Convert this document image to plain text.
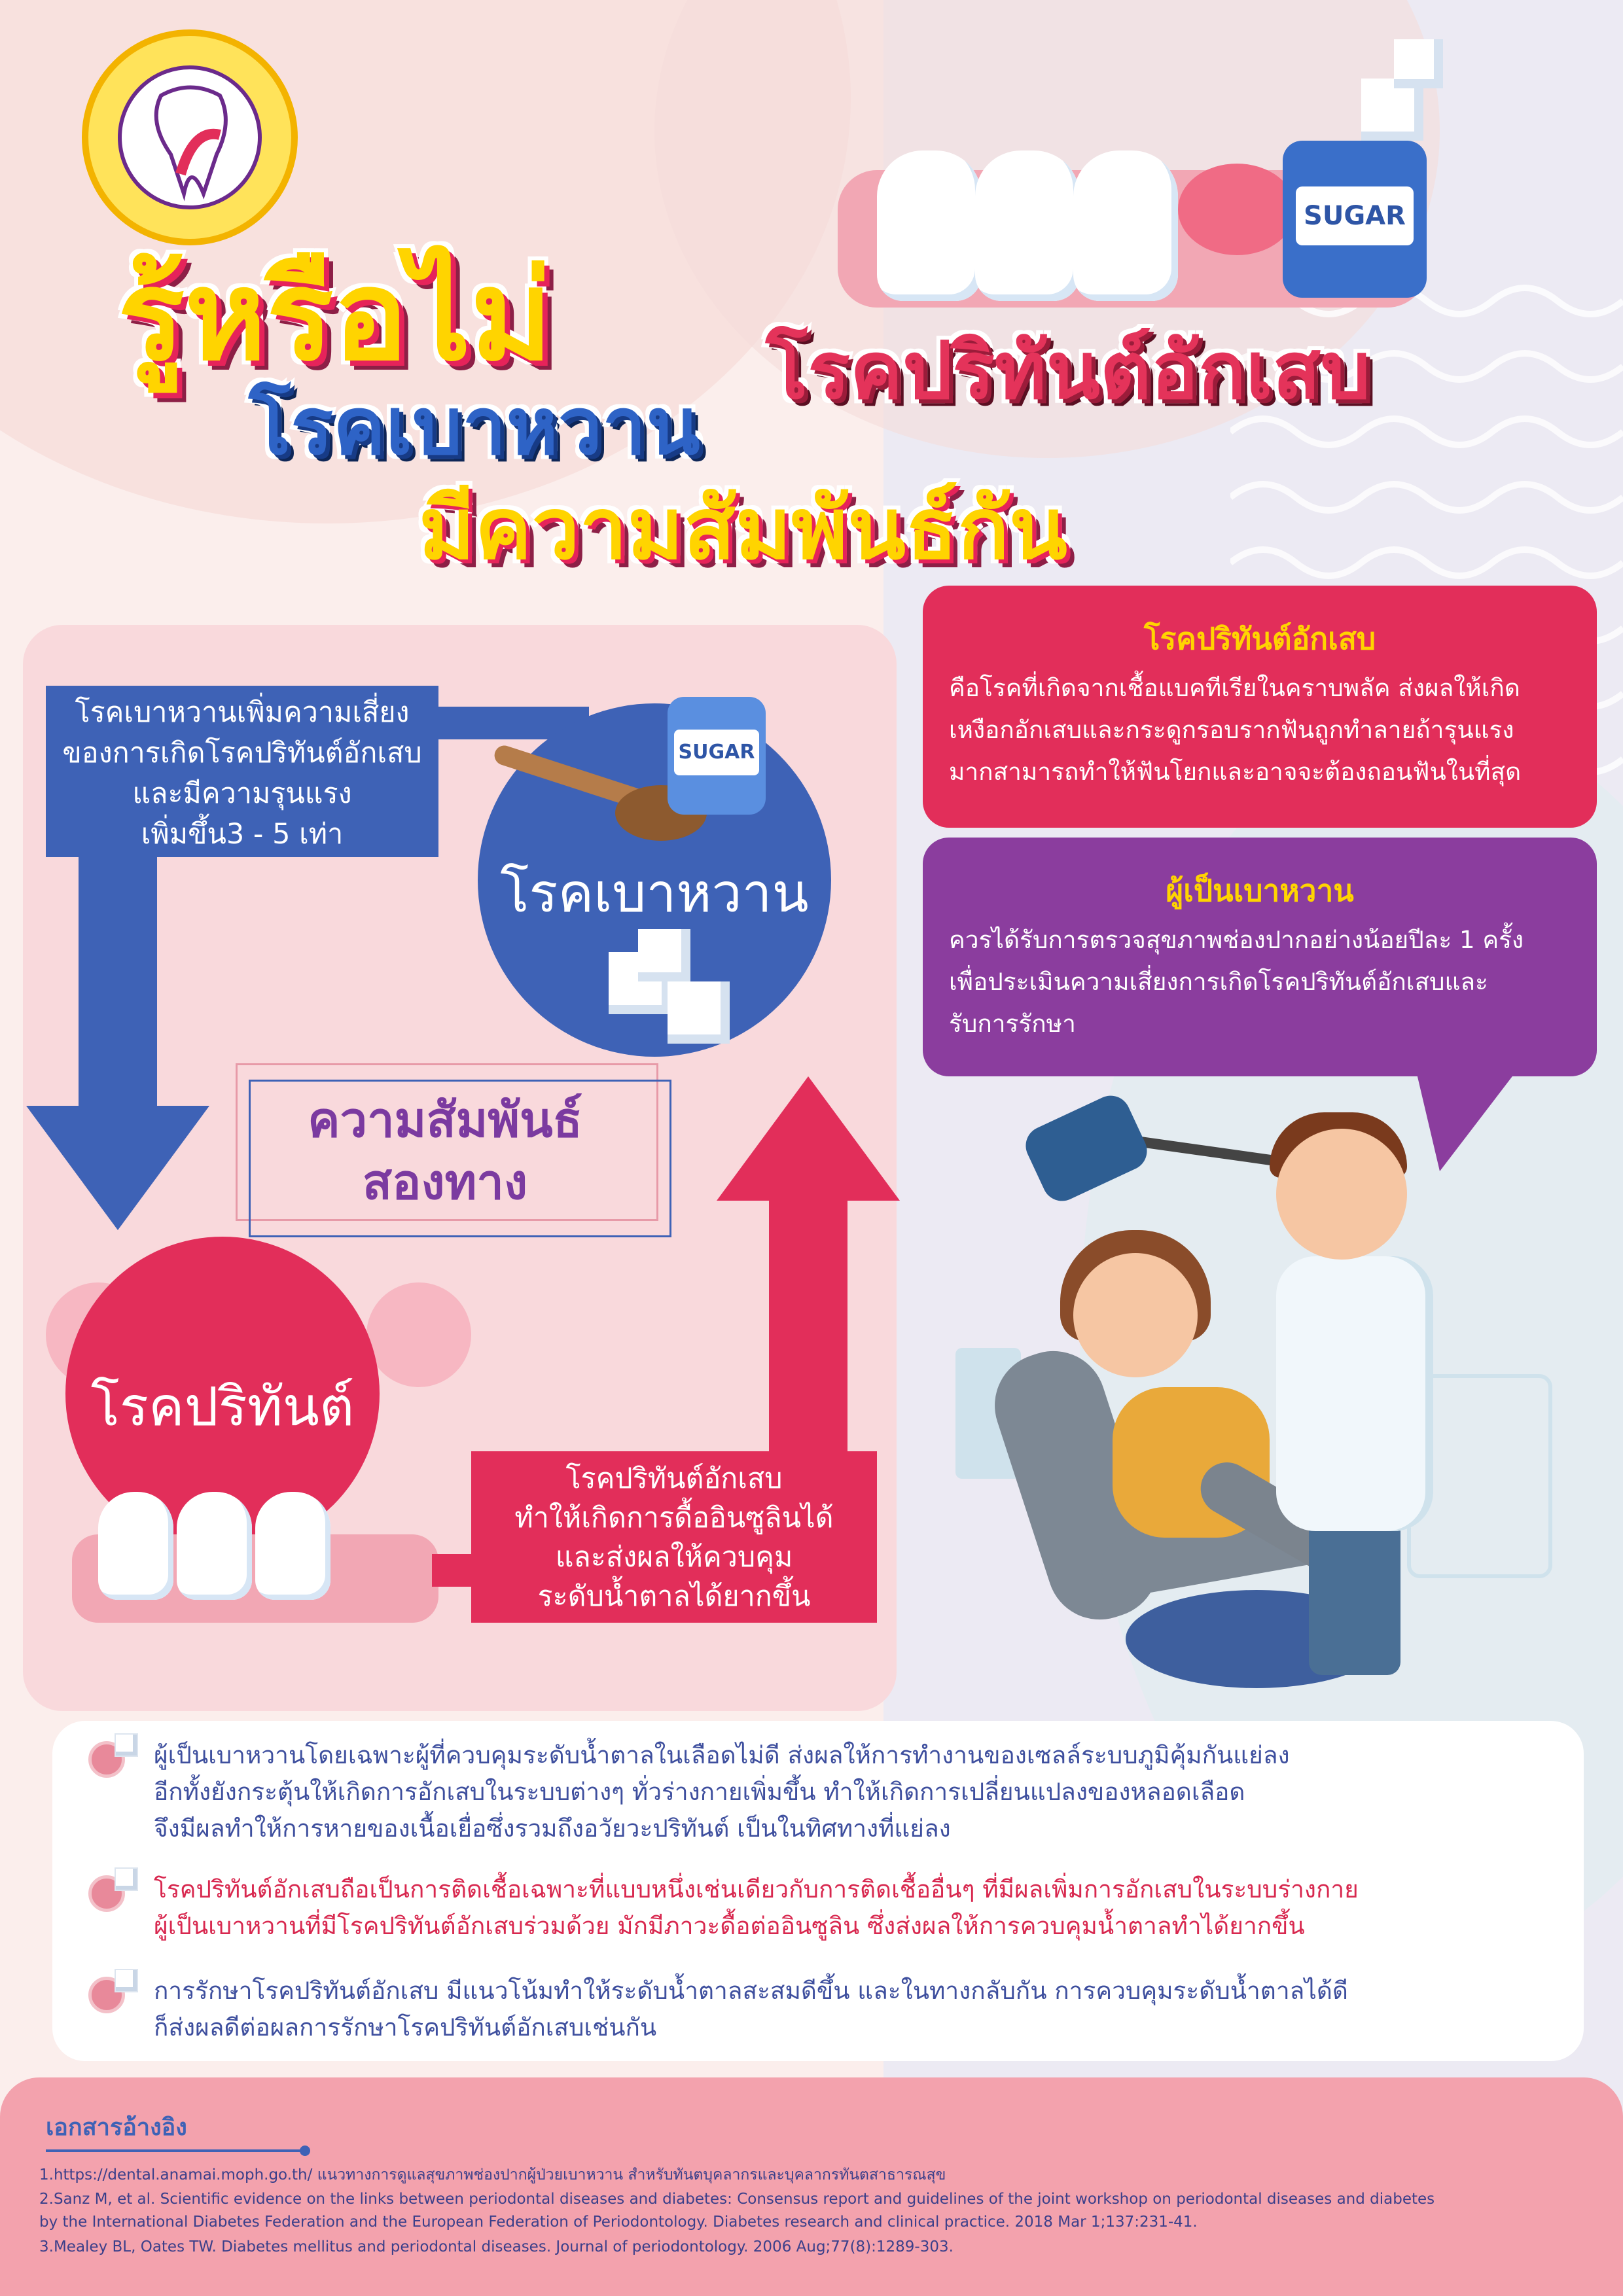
รู้หรือไม่	โรคปริทันต์อักเสบ
โรคเบาหวาน
มีความสัมพันธ์กัน
SUGAR
โรคเบาหวานเพิ่มความเสี่ยง
ของการเกิดโรคปริทันต์อักเสบ
และมีความรุนแรง
เพิ่มขึ้น3 - 5 เท่า
โรคเบาหวาน
SUGAR
ความสัมพันธ์
สองทาง
โรคปริทันต์
โรคปริทันต์อักเสบ
ทำให้เกิดการดื้ออินซูลินได้
และส่งผลให้ควบคุม
ระดับน้ำตาลได้ยากขึ้น
โรคปริทันต์อักเสบ
คือโรคที่เกิดจากเชื้อแบคทีเรียในคราบพลัค ส่งผลให้เกิด
เหงือกอักเสบและกระดูกรอบรากฟันถูกทำลายถ้ารุนแรง
มากสามารถทำให้ฟันโยกและอาจจะต้องถอนฟันในที่สุด
ผู้เป็นเบาหวาน
ควรได้รับการตรวจสุขภาพช่องปากอย่างน้อยปีละ 1 ครั้ง
เพื่อประเมินความเสี่ยงการเกิดโรคปริทันต์อักเสบและ
รับการรักษา
ผู้เป็นเบาหวานโดยเฉพาะผู้ที่ควบคุมระดับน้ำตาลในเลือดไม่ดี ส่งผลให้การทำงานของเซลล์ระบบภูมิคุ้มกันแย่ลง
อีกทั้งยังกระตุ้นให้เกิดการอักเสบในระบบต่างๆ ทั่วร่างกายเพิ่มขึ้น ทำให้เกิดการเปลี่ยนแปลงของหลอดเลือด
จึงมีผลทำให้การหายของเนื้อเยื่อซึ่งรวมถึงอวัยวะปริทันต์ เป็นในทิศทางที่แย่ลง
โรคปริทันต์อักเสบถือเป็นการติดเชื้อเฉพาะที่แบบหนึ่งเช่นเดียวกับการติดเชื้ออื่นๆ ที่มีผลเพิ่มการอักเสบในระบบร่างกาย
ผู้เป็นเบาหวานที่มีโรคปริทันต์อักเสบร่วมด้วย มักมีภาวะดื้อต่ออินซูลิน ซึ่งส่งผลให้การควบคุมน้ำตาลทำได้ยากขึ้น
การรักษาโรคปริทันต์อักเสบ มีแนวโน้มทำให้ระดับน้ำตาลสะสมดีขึ้น และในทางกลับกัน การควบคุมระดับน้ำตาลได้ดี
ก็ส่งผลดีต่อผลการรักษาโรคปริทันต์อักเสบเช่นกัน
เอกสารอ้างอิง
1.https://dental.anamai.moph.go.th/ แนวทางการดูแลสุขภาพช่องปากผู้ป่วยเบาหวาน สำหรับทันตบุคลากรและบุคลากรทันตสาธารณสุข
2.Sanz M, et al. Scientific evidence on the links between periodontal diseases and diabetes: Consensus report and guidelines of the joint workshop on periodontal diseases and diabetes
by the International Diabetes Federation and the European Federation of Periodontology. Diabetes research and clinical practice. 2018 Mar 1;137:231-41.
3.Mealey BL, Oates TW. Diabetes mellitus and periodontal diseases. Journal of periodontology. 2006 Aug;77(8):1289-303.
